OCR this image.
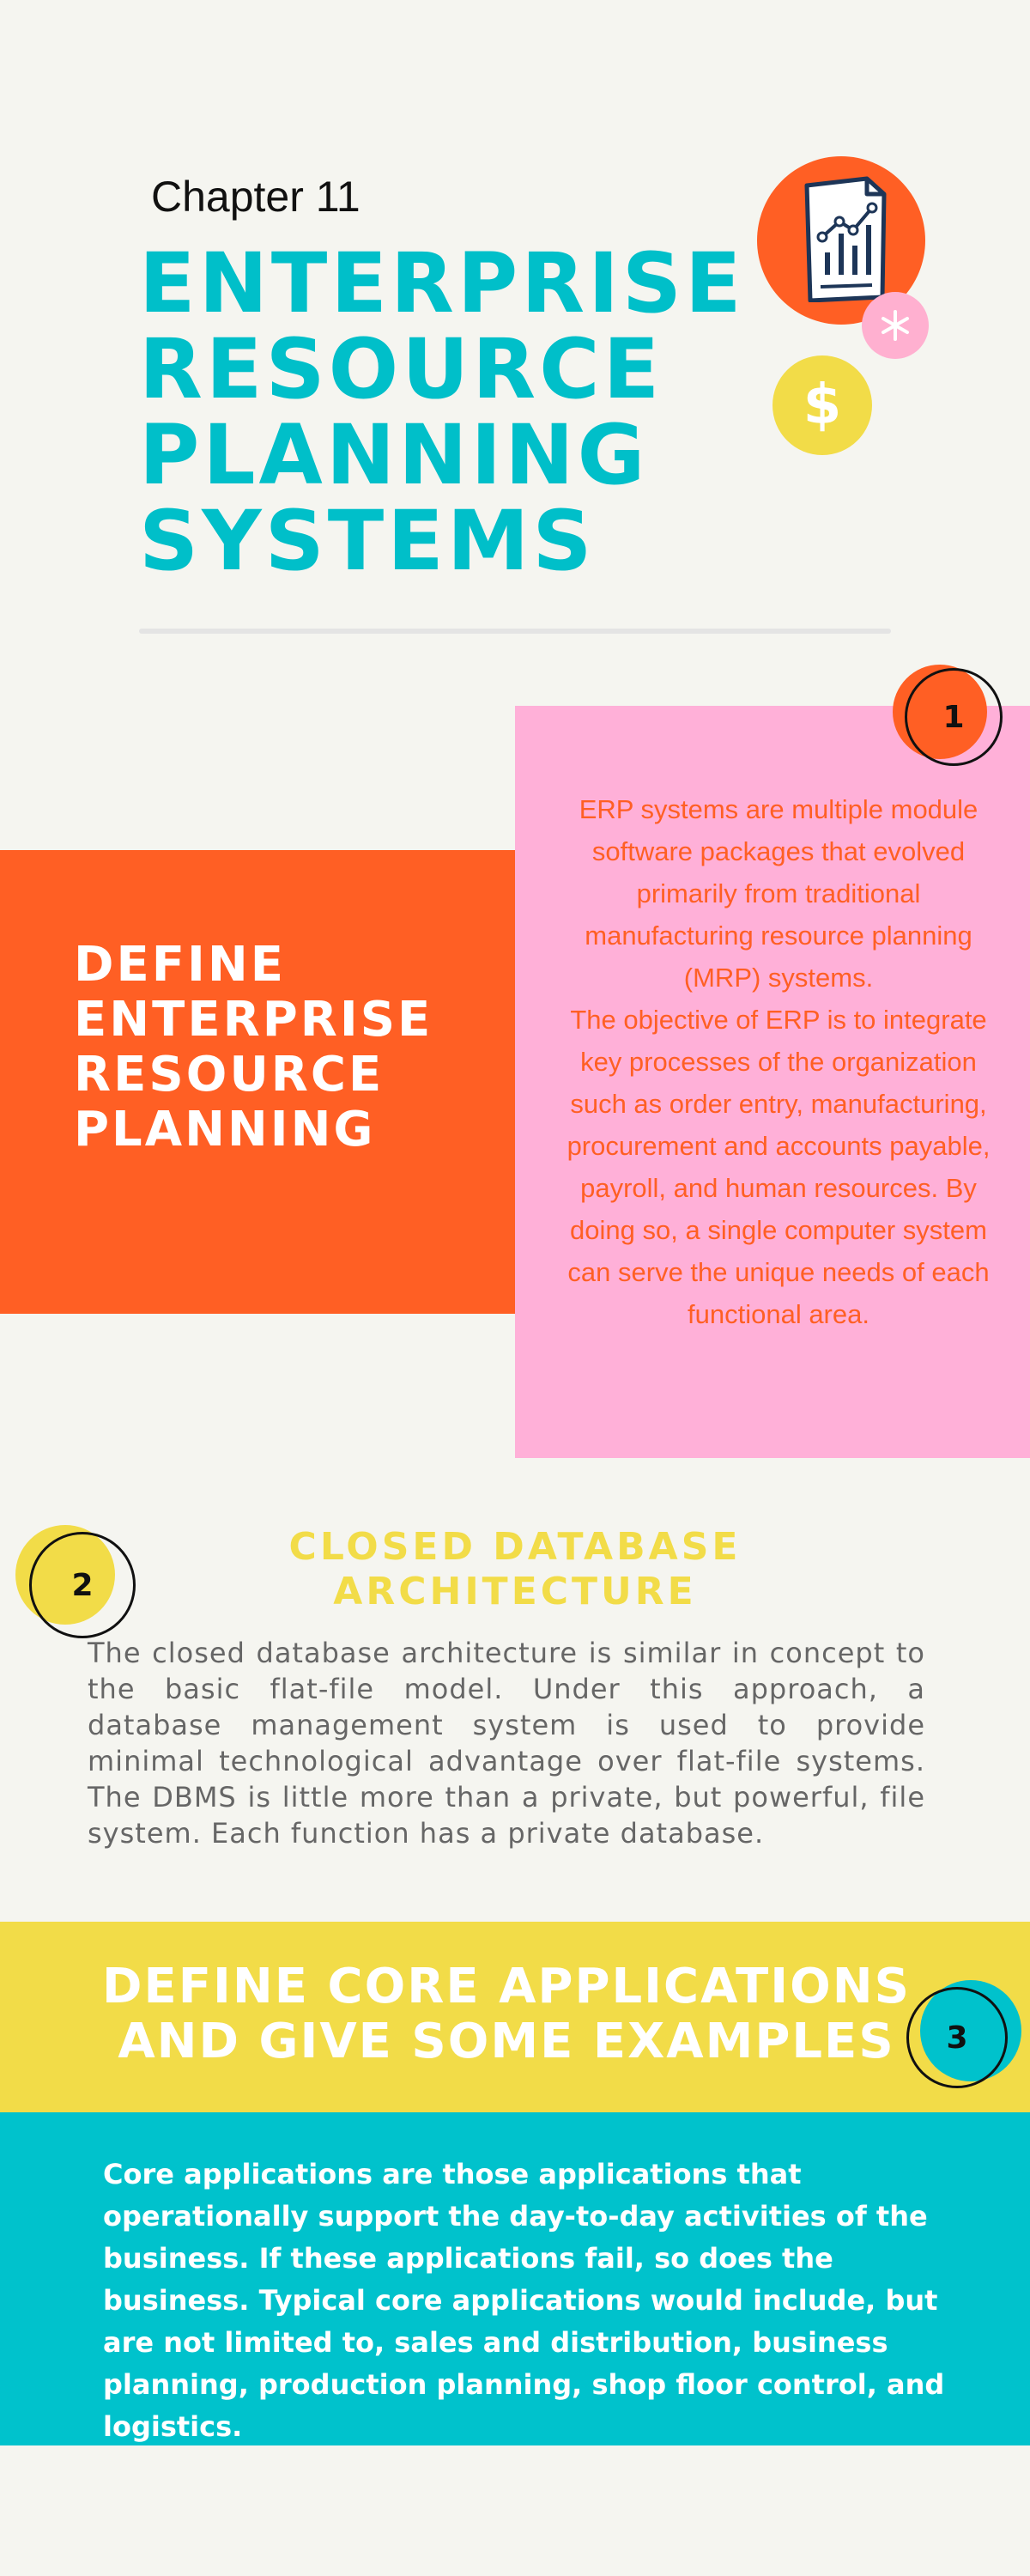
Chapter 11
ENTERPRISE
RESOURCE
PLANNING
SYSTEMS
$
DEFINE
ENTERPRISE
RESOURCE
PLANNING

ERP systems are multiple module software packages that evolved primarily from traditional manufacturing resource planning (MRP) systems.

The objective of ERP is to integrate key processes of the organization such as order entry, manufacturing, procurement and accounts payable, payroll, and human resources. By doing so, a single computer system can serve the unique needs of each functional area.

1
2
CLOSED DATABASE
ARCHITECTURE

The closed database architecture is similar in concept to the basic flat-file model. Under this approach, a database management system is used to provide minimal technological advantage over flat-file systems. The DBMS is little more than a private, but powerful, file system. Each function has a private database.

DEFINE CORE APPLICATIONS
AND GIVE SOME EXAMPLES	3

Core applications are those applications that operationally support the day-to-day activities of the business. If these applications fail, so does the business. Typical core applications would include, but are not limited to, sales and distribution, business planning, production planning, shop floor control, and logistics.
